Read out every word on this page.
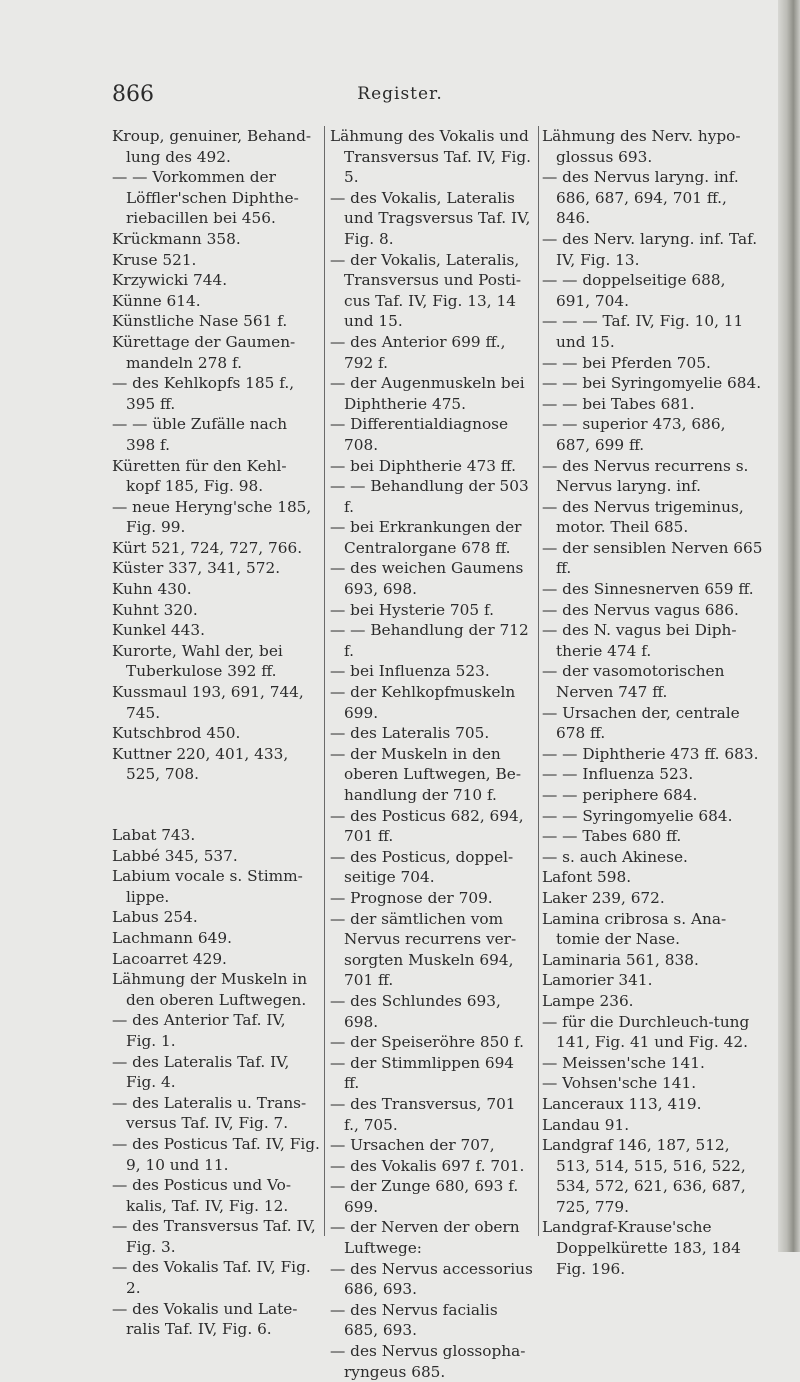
866	Register.

Kroup, genuiner, Behand-lung des 492.

— — Vorkommen der Löffler'schen Diphthe-riebacillen bei 456.

Krückmann 358.

Kruse 521.

Krzywicki 744.

Künne 614.

Künstliche Nase 561 f.

Kürettage der Gaumen-mandeln 278 f.

— des Kehlkopfs 185 f., 395 ff.

— — üble Zufälle nach 398 f.

Küretten für den Kehl-kopf 185, Fig. 98.

— neue Heryng'sche 185, Fig. 99.

Kürt 521, 724, 727, 766.

Küster 337, 341, 572.

Kuhn 430.

Kuhnt 320.

Kunkel 443.

Kurorte, Wahl der, bei Tuberkulose 392 ff.

Kussmaul 193, 691, 744, 745.

Kutschbrod 450.

Kuttner 220, 401, 433, 525, 708.

Labat 743.

Labbé 345, 537.

Labium vocale s. Stimm-lippe.

Labus 254.

Lachmann 649.

Lacoarret 429.

Lähmung der Muskeln in den oberen Luftwegen.

— des Anterior Taf. IV, Fig. 1.

— des Lateralis Taf. IV, Fig. 4.

— des Lateralis u. Trans-versus Taf. IV, Fig. 7.

— des Posticus Taf. IV, Fig. 9, 10 und 11.

— des Posticus und Vo-kalis, Taf. IV, Fig. 12.

— des Transversus Taf. IV, Fig. 3.

— des Vokalis Taf. IV, Fig. 2.

— des Vokalis und Late-ralis Taf. IV, Fig. 6.

Lähmung des Vokalis und Transversus Taf. IV, Fig. 5.

— des Vokalis, Lateralis und Tragsversus Taf. IV, Fig. 8.

— der Vokalis, Lateralis, Transversus und Posti-cus Taf. IV, Fig. 13, 14 und 15.

— des Anterior 699 ff., 792 f.

— der Augenmuskeln bei Diphtherie 475.

— Differentialdiagnose 708.

— bei Diphtherie 473 ff.

— — Behandlung der 503 f.

— bei Erkrankungen der Centralorgane 678 ff.

— des weichen Gaumens 693, 698.

— bei Hysterie 705 f.

— — Behandlung der 712 f.

— bei Influenza 523.

— der Kehlkopfmuskeln 699.

— des Lateralis 705.

— der Muskeln in den oberen Luftwegen, Be-handlung der 710 f.

— des Posticus 682, 694, 701 ff.

— des Posticus, doppel-seitige 704.

— Prognose der 709.

— der sämtlichen vom Nervus recurrens ver-sorgten Muskeln 694, 701 ff.

— des Schlundes 693, 698.

— der Speiseröhre 850 f.

— der Stimmlippen 694 ff.

— des Transversus, 701 f., 705.

— Ursachen der 707,

— des Vokalis 697 f. 701.

— der Zunge 680, 693 f. 699.

— der Nerven der obern Luftwege:

— des Nervus accessorius 686, 693.

— des Nervus facialis 685, 693.

— des Nervus glossopha-ryngeus 685.

Lähmung des Nerv. hypo-glossus 693.

— des Nervus laryng. inf. 686, 687, 694, 701 ff., 846.

— des Nerv. laryng. inf. Taf. IV, Fig. 13.

— — doppelseitige 688, 691, 704.

— — — Taf. IV, Fig. 10, 11 und 15.

— — bei Pferden 705.

— — bei Syringomyelie 684.

— — bei Tabes 681.

— — superior 473, 686, 687, 699 ff.

— des Nervus recurrens s. Nervus laryng. inf.

— des Nervus trigeminus, motor. Theil 685.

— der sensiblen Nerven 665 ff.

— des Sinnesnerven 659 ff.

— des Nervus vagus 686.

— des N. vagus bei Diph-therie 474 f.

— der vasomotorischen Nerven 747 ff.

— Ursachen der, centrale 678 ff.

— — Diphtherie 473 ff. 683.

— — Influenza 523.

— — periphere 684.

— — Syringomyelie 684.

— — Tabes 680 ff.

— s. auch Akinese.

Lafont 598.

Laker 239, 672.

Lamina cribrosa s. Ana-tomie der Nase.

Laminaria 561, 838.

Lamorier 341.

Lampe 236.

— für die Durchleuch-tung 141, Fig. 41 und Fig. 42.

— Meissen'sche 141.

— Vohsen'sche 141.

Lanceraux 113, 419.

Landau 91.

Landgraf 146, 187, 512, 513, 514, 515, 516, 522, 534, 572, 621, 636, 687, 725, 779.

Landgraf-Krause'sche Doppelkürette 183, 184 Fig. 196.
